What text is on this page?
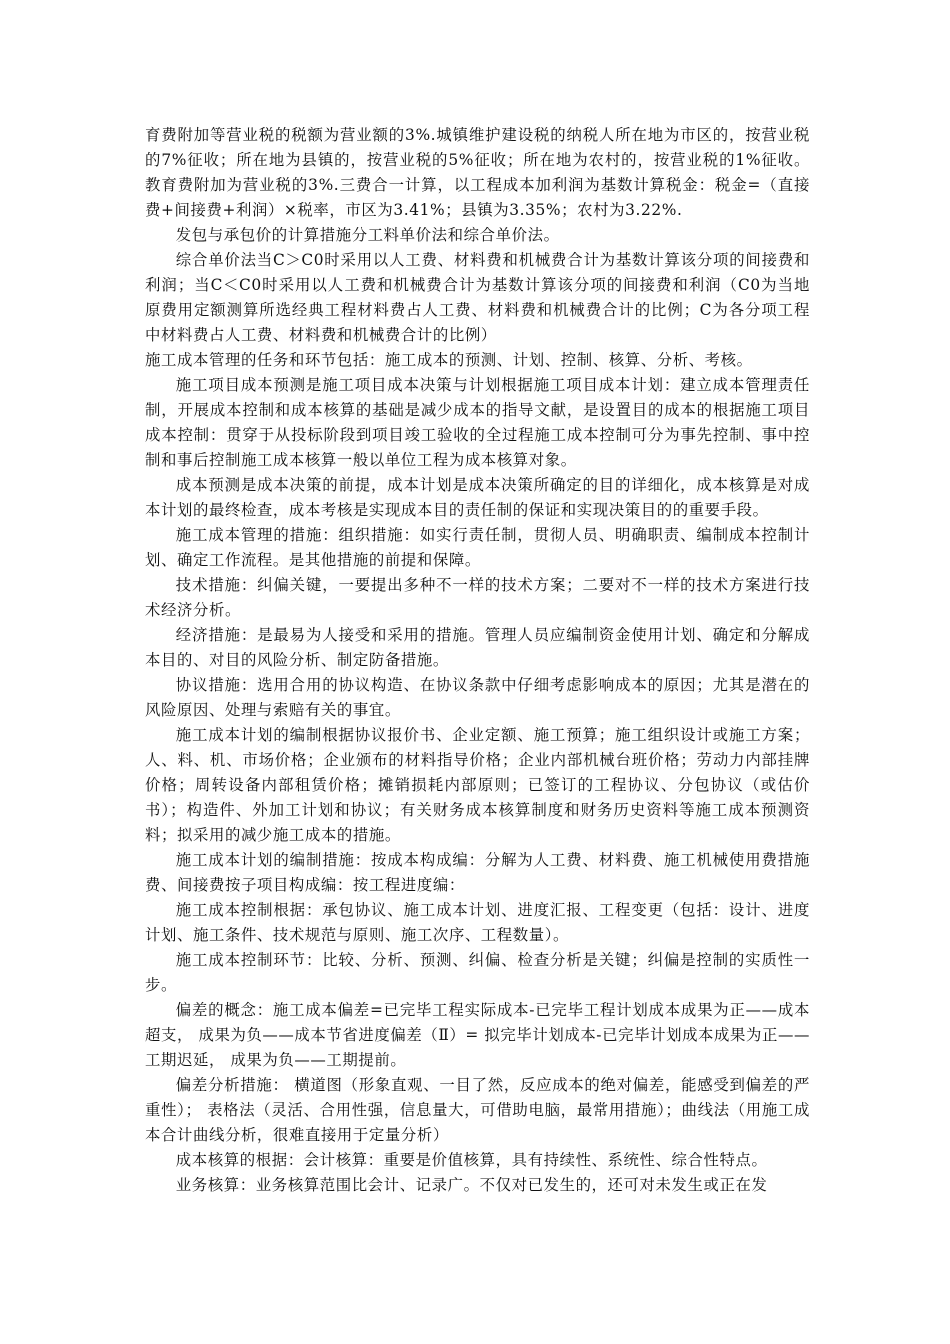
育费附加等营业税的税额为营业额的3%.城镇维护建设税的纳税人所在地为市区的，按营业税的7%征收；所在地为县镇的，按营业税的5%征收；所在地为农村的，按营业税的1%征收。教育费附加为营业税的3%.三费合一计算，以工程成本加利润为基数计算税金：税金=（直接费+间接费+利润）×税率，市区为3.41%；县镇为3.35%；农村为3.22%.

发包与承包价的计算措施分工料单价法和综合单价法。

综合单价法当C＞C0时采用以人工费、材料费和机械费合计为基数计算该分项的间接费和利润；当C＜C0时采用以人工费和机械费合计为基数计算该分项的间接费和利润（C0为当地原费用定额测算所选经典工程材料费占人工费、材料费和机械费合计的比例；C为各分项工程中材料费占人工费、材料费和机械费合计的比例）

施工成本管理的任务和环节包括：施工成本的预测、计划、控制、核算、分析、考核。

施工项目成本预测是施工项目成本决策与计划根据施工项目成本计划：建立成本管理责任制，开展成本控制和成本核算的基础是减少成本的指导文献，是设置目的成本的根据施工项目成本控制：贯穿于从投标阶段到项目竣工验收的全过程施工成本控制可分为事先控制、事中控制和事后控制施工成本核算一般以单位工程为成本核算对象。

成本预测是成本决策的前提，成本计划是成本决策所确定的目的详细化，成本核算是对成本计划的最终检查，成本考核是实现成本目的责任制的保证和实现决策目的的重要手段。

施工成本管理的措施：组织措施：如实行责任制，贯彻人员、明确职责、编制成本控制计划、确定工作流程。是其他措施的前提和保障。

技术措施：纠偏关键，一要提出多种不一样的技术方案；二要对不一样的技术方案进行技术经济分析。

经济措施：是最易为人接受和采用的措施。管理人员应编制资金使用计划、确定和分解成本目的、对目的风险分析、制定防备措施。

协议措施：选用合用的协议构造、在协议条款中仔细考虑影响成本的原因；尤其是潜在的风险原因、处理与索赔有关的事宜。

施工成本计划的编制根据协议报价书、企业定额、施工预算；施工组织设计或施工方案；人、料、机、市场价格；企业颁布的材料指导价格；企业内部机械台班价格；劳动力内部挂牌价格；周转设备内部租赁价格；摊销损耗内部原则；已签订的工程协议、分包协议（或估价书）；构造件、外加工计划和协议；有关财务成本核算制度和财务历史资料等施工成本预测资料；拟采用的减少施工成本的措施。

施工成本计划的编制措施：按成本构成编：分解为人工费、材料费、施工机械使用费措施费、间接费按子项目构成编：按工程进度编：

施工成本控制根据：承包协议、施工成本计划、进度汇报、工程变更（包括：设计、进度计划、施工条件、技术规范与原则、施工次序、工程数量）。

施工成本控制环节：比较、分析、预测、纠偏、检查分析是关键；纠偏是控制的实质性一步。

偏差的概念：施工成本偏差=已完毕工程实际成本-已完毕工程计划成本成果为正——成本超支， 成果为负——成本节省进度偏差（Ⅱ）= 拟完毕计划成本-已完毕计划成本成果为正——工期迟延， 成果为负——工期提前。

偏差分析措施： 横道图（形象直观、一目了然，反应成本的绝对偏差，能感受到偏差的严重性）； 表格法（灵活、合用性强，信息量大，可借助电脑，最常用措施）；曲线法（用施工成本合计曲线分析，很难直接用于定量分析）

成本核算的根据：会计核算：重要是价值核算，具有持续性、系统性、综合性特点。

业务核算：业务核算范围比会计、记录广。不仅对已发生的，还可对未发生或正在发
